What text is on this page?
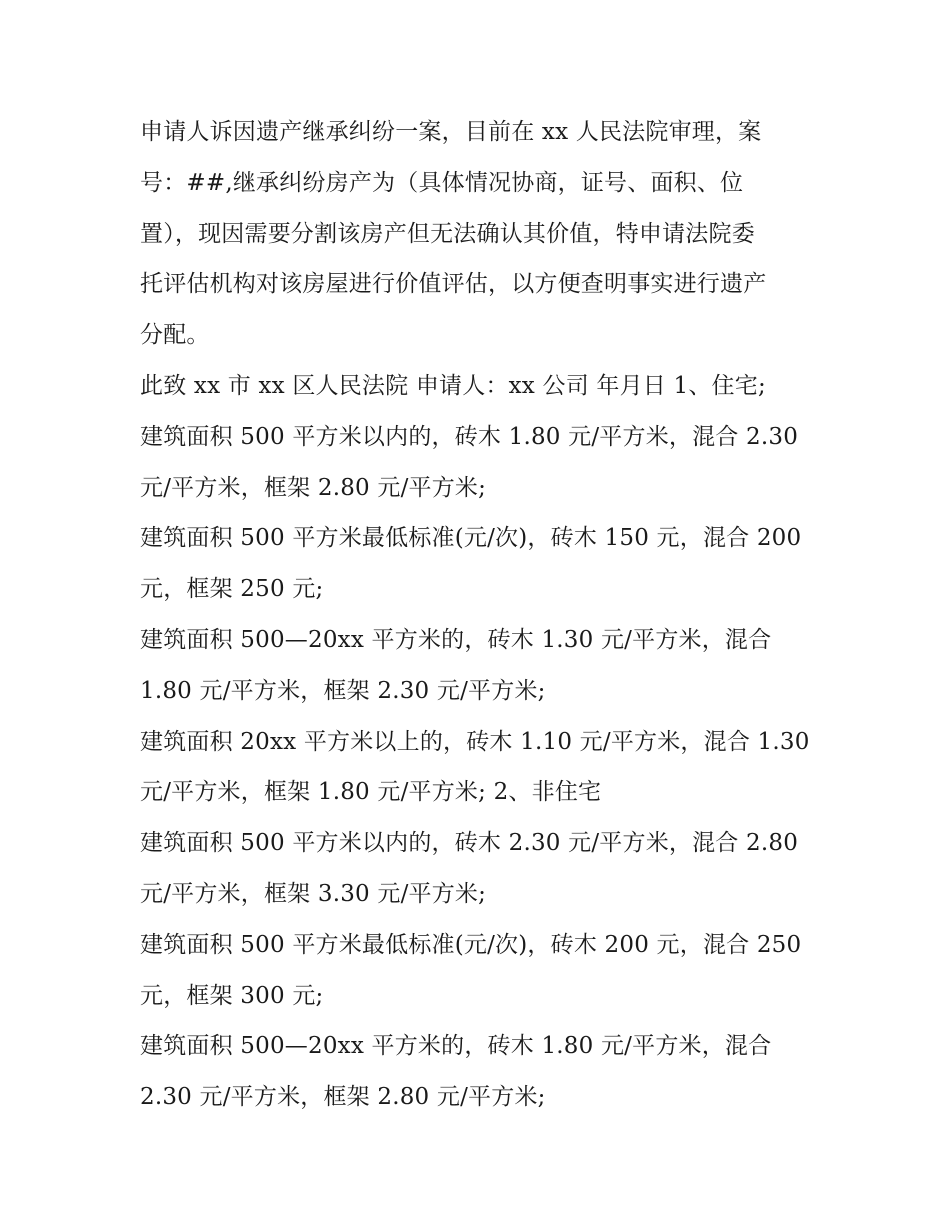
申请人诉因遗产继承纠纷一案，目前在 xx 人民法院审理，案
号：##,继承纠纷房产为（具体情况协商，证号、面积、位
置），现因需要分割该房产但无法确认其价值，特申请法院委
托评估机构对该房屋进行价值评估，以方便查明事实进行遗产
分配。
此致 xx 市 xx 区人民法院 申请人：xx 公司 年月日 1、住宅;
建筑面积 500 平方米以内的，砖木 1.80 元/平方米，混合 2.30
元/平方米，框架 2.80 元/平方米;
建筑面积 500 平方米最低标准(元/次)，砖木 150 元，混合 200
元，框架 250 元;
建筑面积 500—20xx 平方米的，砖木 1.30 元/平方米，混合
1.80 元/平方米，框架 2.30 元/平方米;
建筑面积 20xx 平方米以上的，砖木 1.10 元/平方米，混合 1.30
元/平方米，框架 1.80 元/平方米; 2、非住宅
建筑面积 500 平方米以内的，砖木 2.30 元/平方米，混合 2.80
元/平方米，框架 3.30 元/平方米;
建筑面积 500 平方米最低标准(元/次)，砖木 200 元，混合 250
元，框架 300 元;
建筑面积 500—20xx 平方米的，砖木 1.80 元/平方米，混合
2.30 元/平方米，框架 2.80 元/平方米;
